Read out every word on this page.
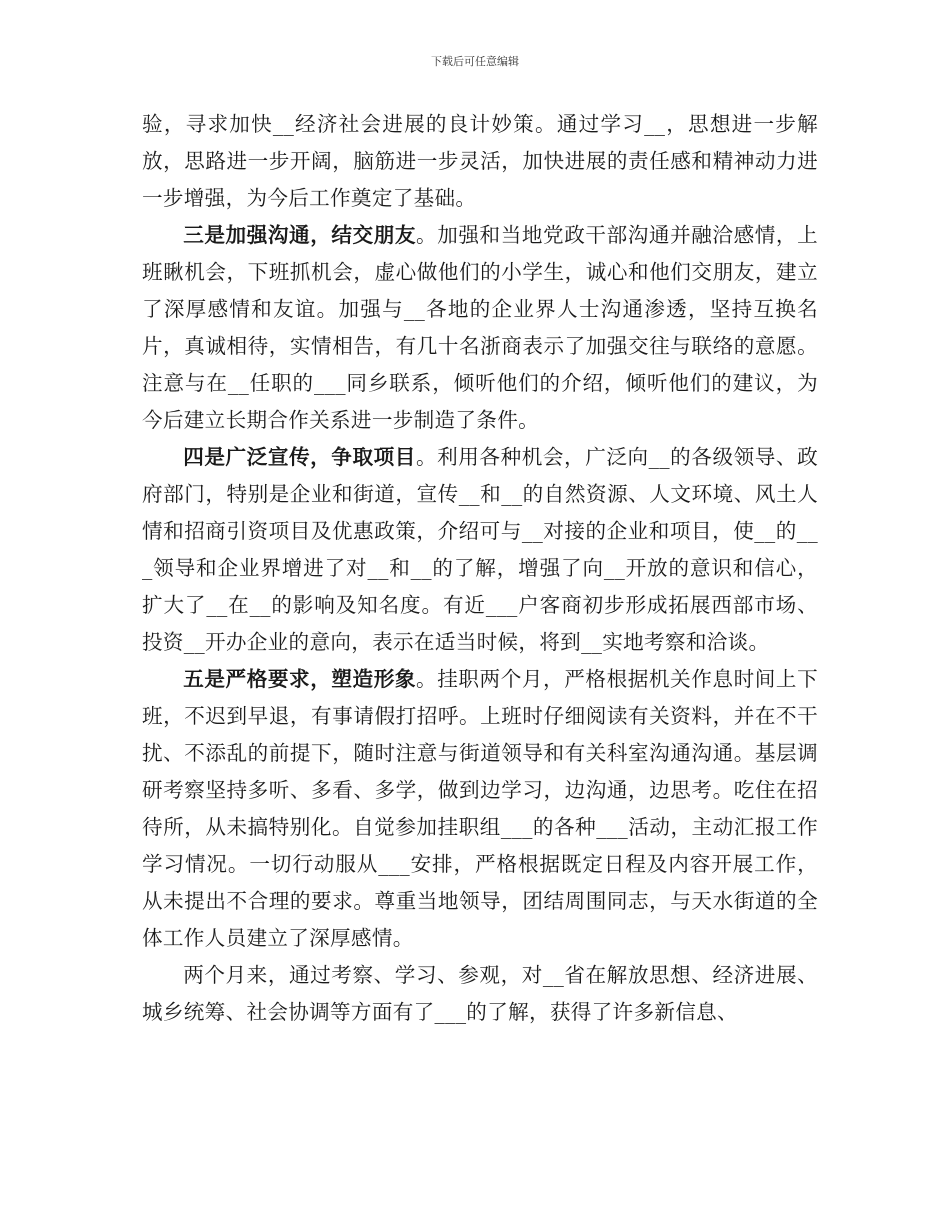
下载后可任意编辑

验，寻求加快__经济社会进展的良计妙策。通过学习__，思想进一步解放，思路进一步开阔，脑筋进一步灵活，加快进展的责任感和精神动力进一步增强，为今后工作奠定了基础。

三是加强沟通，结交朋友。加强和当地党政干部沟通并融洽感情，上班瞅机会，下班抓机会，虚心做他们的小学生，诚心和他们交朋友，建立了深厚感情和友谊。加强与__各地的企业界人士沟通渗透，坚持互换名片，真诚相待，实情相告，有几十名浙商表示了加强交往与联络的意愿。注意与在__任职的___同乡联系，倾听他们的介绍，倾听他们的建议，为今后建立长期合作关系进一步制造了条件。

四是广泛宣传，争取项目。利用各种机会，广泛向__的各级领导、政府部门，特别是企业和街道，宣传__和__的自然资源、人文环境、风土人情和招商引资项目及优惠政策，介绍可与__对接的企业和项目，使__的___领导和企业界增进了对__和__的了解，增强了向__开放的意识和信心，扩大了__在__的影响及知名度。有近___户客商初步形成拓展西部市场、投资__开办企业的意向，表示在适当时候，将到__实地考察和洽谈。

五是严格要求，塑造形象。挂职两个月，严格根据机关作息时间上下班，不迟到早退，有事请假打招呼。上班时仔细阅读有关资料，并在不干扰、不添乱的前提下，随时注意与街道领导和有关科室沟通沟通。基层调研考察坚持多听、多看、多学，做到边学习，边沟通，边思考。吃住在招待所，从未搞特别化。自觉参加挂职组___的各种___活动，主动汇报工作学习情况。一切行动服从___安排，严格根据既定日程及内容开展工作，从未提出不合理的要求。尊重当地领导，团结周围同志，与天水街道的全体工作人员建立了深厚感情。

两个月来，通过考察、学习、参观，对__省在解放思想、经济进展、城乡统筹、社会协调等方面有了___的了解，获得了许多新信息、
